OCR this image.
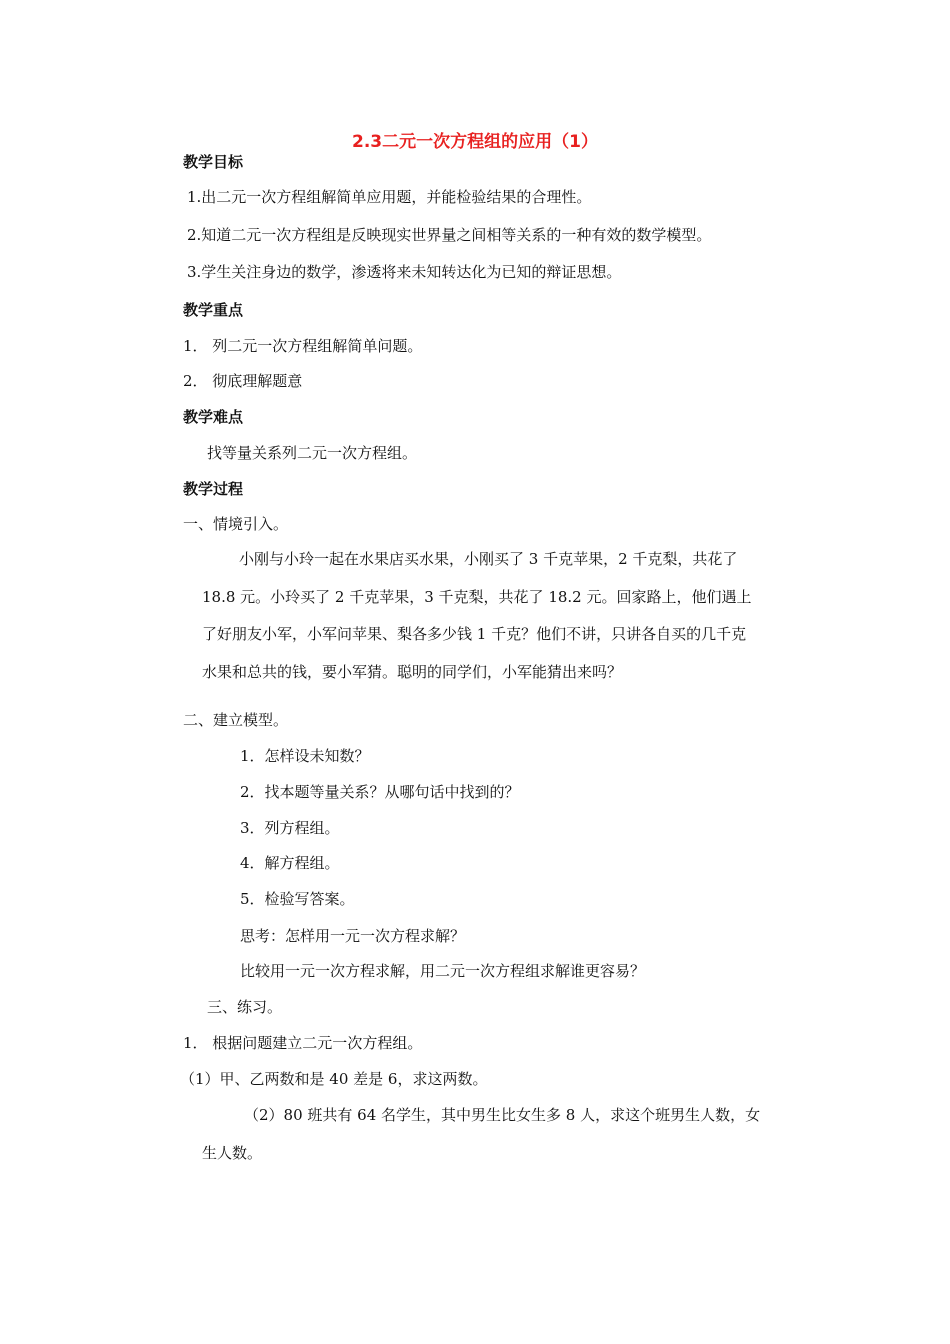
2.3二元一次方程组的应用（1）
教学目标
1.出二元一次方程组解简单应用题，并能检验结果的合理性。
2.知道二元一次方程组是反映现实世界量之间相等关系的一种有效的数学模型。
3.学生关注身边的数学，渗透将来未知转达化为已知的辩证思想。
教学重点
1． 列二元一次方程组解简单问题。
2． 彻底理解题意
教学难点
找等量关系列二元一次方程组。
教学过程
一、情境引入。
小刚与小玲一起在水果店买水果，小刚买了 3 千克苹果，2 千克梨，共花了
18.8 元。小玲买了 2 千克苹果，3 千克梨，共花了 18.2 元。回家路上，他们遇上
了好朋友小军，小军问苹果、梨各多少钱 1 千克？他们不讲，只讲各自买的几千克
水果和总共的钱，要小军猜。聪明的同学们，小军能猜出来吗？
二、建立模型。
1．怎样设未知数？
2．找本题等量关系？从哪句话中找到的？
3．列方程组。
4．解方程组。
5．检验写答案。
思考：怎样用一元一次方程求解？
比较用一元一次方程求解，用二元一次方程组求解谁更容易？
三、练习。
1． 根据问题建立二元一次方程组。
（1）甲、乙两数和是 40 差是 6，求这两数。
（2）80 班共有 64 名学生，其中男生比女生多 8 人，求这个班男生人数，女
生人数。
